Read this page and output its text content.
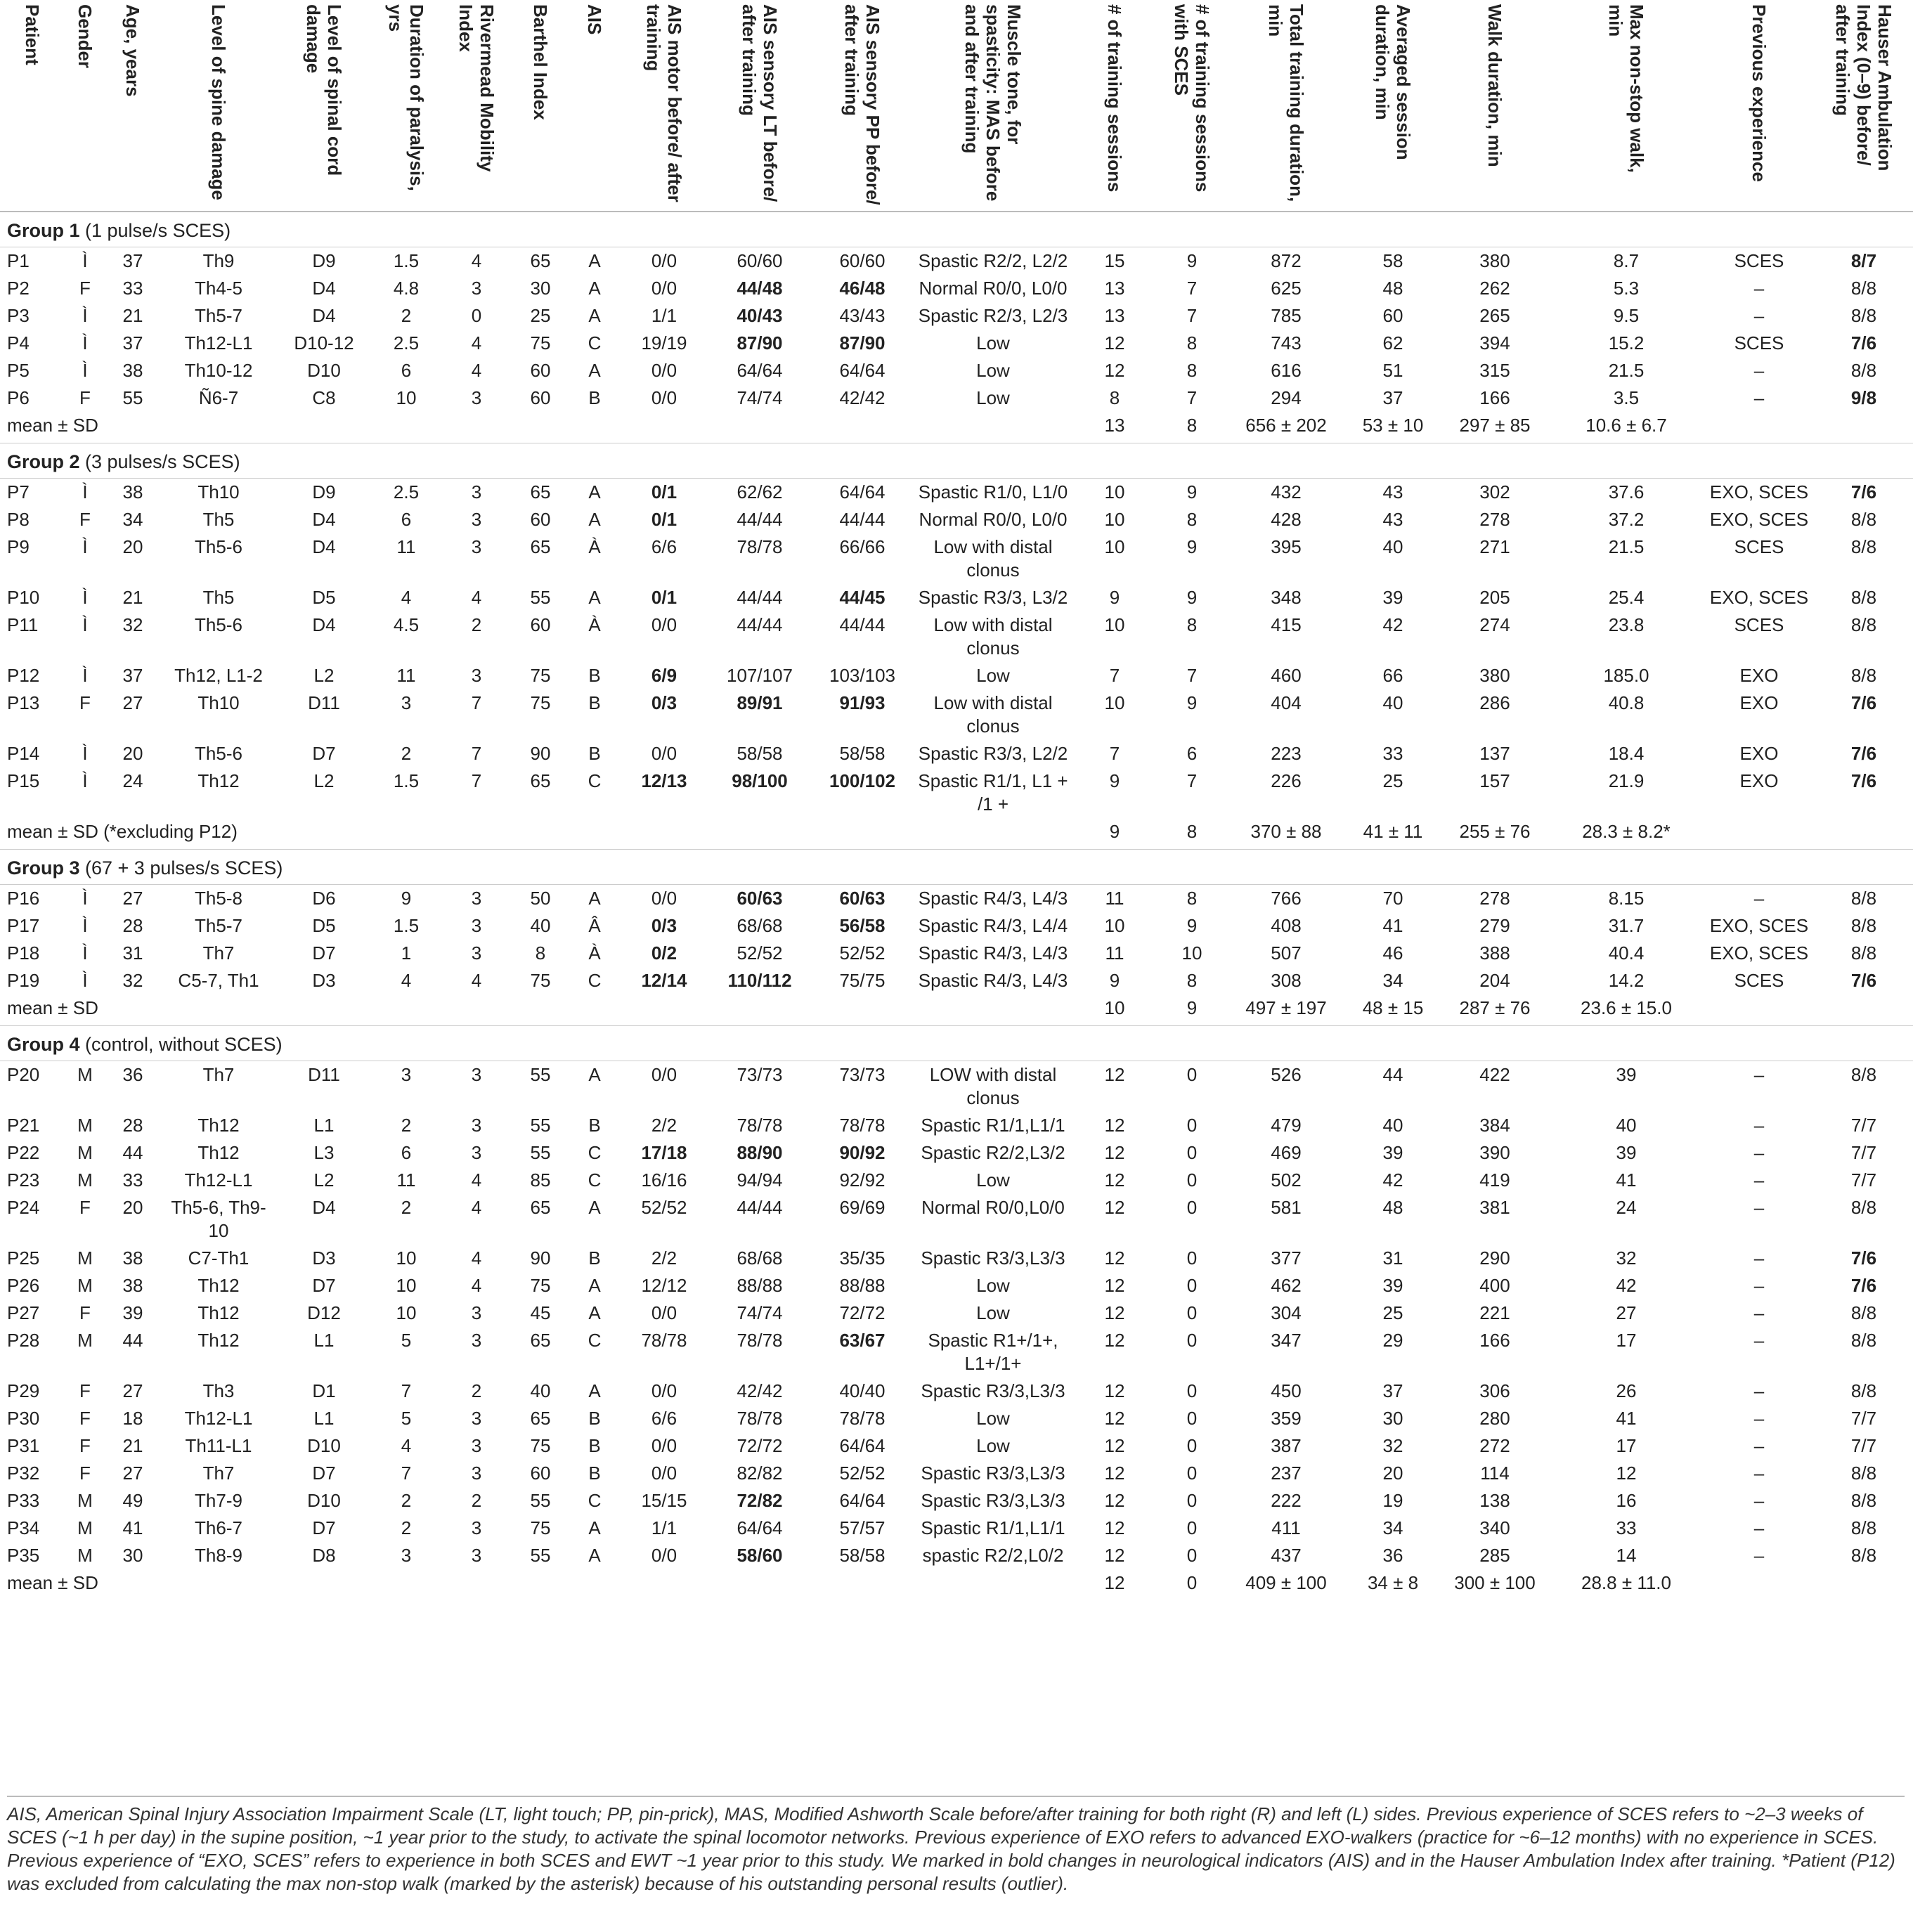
Patient	Gender	Age, years	Level of spine damage	Level of spinal cord damage	Duration of paralysis, yrs	Rivermead Mobility Index	Barthel Index	AIS	AIS motor before/ after training	AIS sensory LT before/ after training	AIS sensory PP before/ after training	Muscle tone, for spasticity: MAS before and after training	# of training sessions	# of training sessions with SCES	Total training duration, min	Averaged session duration, min	Walk duration, min	Max non-stop walk, min	Previous experience	Hauser Ambulation Index (0–9) before/ after training

Group 1 (1 pulse/s SCES)																				
P1	Ì	37	Th9	D9	1.5	4	65	A	0/0	60/60	60/60	Spastic R2/2, L2/2	15	9	872	58	380	8.7	SCES	8/7
P2	F	33	Th4-5	D4	4.8	3	30	A	0/0	44/48	46/48	Normal R0/0, L0/0	13	7	625	48	262	5.3	–	8/8
P3	Ì	21	Th5-7	D4	2	0	25	A	1/1	40/43	43/43	Spastic R2/3, L2/3	13	7	785	60	265	9.5	–	8/8
P4	Ì	37	Th12-L1	D10-12	2.5	4	75	C	19/19	87/90	87/90	Low	12	8	743	62	394	15.2	SCES	7/6
P5	Ì	38	Th10-12	D10	6	4	60	A	0/0	64/64	64/64	Low	12	8	616	51	315	21.5	–	8/8
P6	F	55	Ñ6-7	C8	10	3	60	B	0/0	74/74	42/42	Low	8	7	294	37	166	3.5	–	9/8
mean ± SD													13	8	656 ± 202	53 ± 10	297 ± 85	10.6 ± 6.7		
Group 2 (3 pulses/s SCES)																				
P7	Ì	38	Th10	D9	2.5	3	65	A	0/1	62/62	64/64	Spastic R1/0, L1/0	10	9	432	43	302	37.6	EXO, SCES	7/6
P8	F	34	Th5	D4	6	3	60	A	0/1	44/44	44/44	Normal R0/0, L0/0	10	8	428	43	278	37.2	EXO, SCES	8/8
P9	Ì	20	Th5-6	D4	11	3	65	À	6/6	78/78	66/66	Low with distal clonus	10	9	395	40	271	21.5	SCES	8/8
P10	Ì	21	Th5	D5	4	4	55	A	0/1	44/44	44/45	Spastic R3/3, L3/2	9	9	348	39	205	25.4	EXO, SCES	8/8
P11	Ì	32	Th5-6	D4	4.5	2	60	À	0/0	44/44	44/44	Low with distal clonus	10	8	415	42	274	23.8	SCES	8/8
P12	Ì	37	Th12, L1-2	L2	11	3	75	B	6/9	107/107	103/103	Low	7	7	460	66	380	185.0	EXO	8/8
P13	F	27	Th10	D11	3	7	75	B	0/3	89/91	91/93	Low with distal clonus	10	9	404	40	286	40.8	EXO	7/6
P14	Ì	20	Th5-6	D7	2	7	90	B	0/0	58/58	58/58	Spastic R3/3, L2/2	7	6	223	33	137	18.4	EXO	7/6
P15	Ì	24	Th12	L2	1.5	7	65	C	12/13	98/100	100/102	Spastic R1/1, L1 + /1 +	9	7	226	25	157	21.9	EXO	7/6
mean ± SD (*excluding P12)													9	8	370 ± 88	41 ± 11	255 ± 76	28.3 ± 8.2*		
Group 3 (67 + 3 pulses/s SCES)																				
P16	Ì	27	Th5-8	D6	9	3	50	A	0/0	60/63	60/63	Spastic R4/3, L4/3	11	8	766	70	278	8.15	–	8/8
P17	Ì	28	Th5-7	D5	1.5	3	40	Â	0/3	68/68	56/58	Spastic R4/3, L4/4	10	9	408	41	279	31.7	EXO, SCES	8/8
P18	Ì	31	Th7	D7	1	3	8	À	0/2	52/52	52/52	Spastic R4/3, L4/3	11	10	507	46	388	40.4	EXO, SCES	8/8
P19	Ì	32	C5-7, Th1	D3	4	4	75	C	12/14	110/112	75/75	Spastic R4/3, L4/3	9	8	308	34	204	14.2	SCES	7/6
mean ± SD													10	9	497 ± 197	48 ± 15	287 ± 76	23.6 ± 15.0		
Group 4 (control, without SCES)																				
P20	M	36	Th7	D11	3	3	55	A	0/0	73/73	73/73	LOW with distal clonus	12	0	526	44	422	39	–	8/8
P21	M	28	Th12	L1	2	3	55	B	2/2	78/78	78/78	Spastic R1/1,L1/1	12	0	479	40	384	40	–	7/7
P22	M	44	Th12	L3	6	3	55	C	17/18	88/90	90/92	Spastic R2/2,L3/2	12	0	469	39	390	39	–	7/7
P23	M	33	Th12-L1	L2	11	4	85	C	16/16	94/94	92/92	Low	12	0	502	42	419	41	–	7/7
P24	F	20	Th5-6, Th9-10	D4	2	4	65	A	52/52	44/44	69/69	Normal R0/0,L0/0	12	0	581	48	381	24	–	8/8
P25	M	38	C7-Th1	D3	10	4	90	B	2/2	68/68	35/35	Spastic R3/3,L3/3	12	0	377	31	290	32	–	7/6
P26	M	38	Th12	D7	10	4	75	A	12/12	88/88	88/88	Low	12	0	462	39	400	42	–	7/6
P27	F	39	Th12	D12	10	3	45	A	0/0	74/74	72/72	Low	12	0	304	25	221	27	–	8/8
P28	M	44	Th12	L1	5	3	65	C	78/78	78/78	63/67	Spastic R1+/1+, L1+/1+	12	0	347	29	166	17	–	8/8
P29	F	27	Th3	D1	7	2	40	A	0/0	42/42	40/40	Spastic R3/3,L3/3	12	0	450	37	306	26	–	8/8
P30	F	18	Th12-L1	L1	5	3	65	B	6/6	78/78	78/78	Low	12	0	359	30	280	41	–	7/7
P31	F	21	Th11-L1	D10	4	3	75	B	0/0	72/72	64/64	Low	12	0	387	32	272	17	–	7/7
P32	F	27	Th7	D7	7	3	60	B	0/0	82/82	52/52	Spastic R3/3,L3/3	12	0	237	20	114	12	–	8/8
P33	M	49	Th7-9	D10	2	2	55	C	15/15	72/82	64/64	Spastic R3/3,L3/3	12	0	222	19	138	16	–	8/8
P34	M	41	Th6-7	D7	2	3	75	A	1/1	64/64	57/57	Spastic R1/1,L1/1	12	0	411	34	340	33	–	8/8
P35	M	30	Th8-9	D8	3	3	55	A	0/0	58/60	58/58	spastic R2/2,L0/2	12	0	437	36	285	14	–	8/8
mean ± SD													12	0	409 ± 100	34 ± 8	300 ± 100	28.8 ± 11.0		
AIS, American Spinal Injury Association Impairment Scale (LT, light touch; PP, pin-prick), MAS, Modified Ashworth Scale before/after training for both right (R) and left (L) sides. Previous experience of SCES refers to ~2–3 weeks of SCES (~1 h per day) in the supine position, ~1 year prior to the study, to activate the spinal locomotor networks. Previous experience of EXO refers to advanced EXO-walkers (practice for ~6–12 months) with no experience in SCES. Previous experience of “EXO, SCES” refers to experience in both SCES and EWT ~1 year prior to this study. We marked in bold changes in neurological indicators (AIS) and in the Hauser Ambulation Index after training. *Patient (P12) was excluded from calculating the max non-stop walk (marked by the asterisk) because of his outstanding personal results (outlier).
